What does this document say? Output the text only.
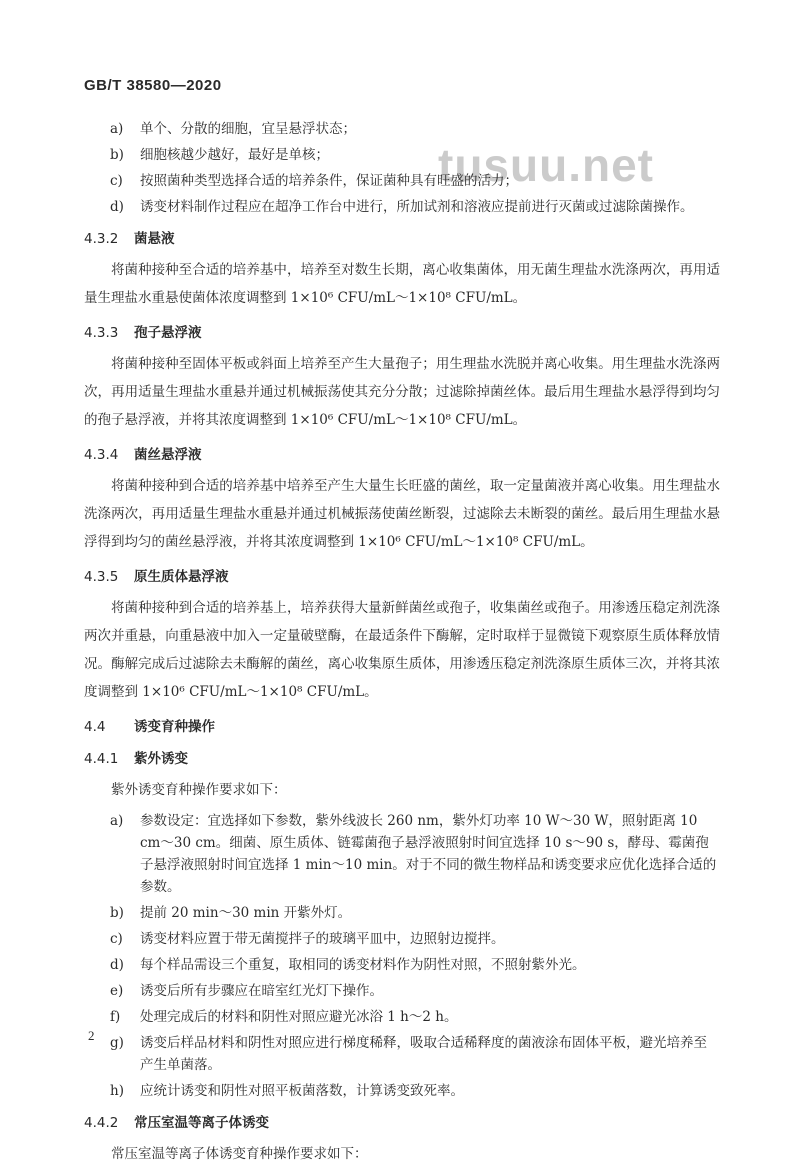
GB/T 38580—2020
tusuu.net
a)	单个、分散的细胞，宜呈悬浮状态；
b)	细胞核越少越好，最好是单核；
c)	按照菌种类型选择合适的培养条件，保证菌种具有旺盛的活力；
d)	诱变材料制作过程应在超净工作台中进行，所加试剂和溶液应提前进行灭菌或过滤除菌操作。
4.3.2 菌悬液
将菌种接种至合适的培养基中，培养至对数生长期，离心收集菌体，用无菌生理盐水洗涤两次，再用适量生理盐水重悬使菌体浓度调整到 1×10⁶ CFU/mL～1×10⁸ CFU/mL。
4.3.3 孢子悬浮液
将菌种接种至固体平板或斜面上培养至产生大量孢子；用生理盐水洗脱并离心收集。用生理盐水洗涤两次，再用适量生理盐水重悬并通过机械振荡使其充分分散；过滤除掉菌丝体。最后用生理盐水悬浮得到均匀的孢子悬浮液，并将其浓度调整到 1×10⁶ CFU/mL～1×10⁸ CFU/mL。
4.3.4 菌丝悬浮液
将菌种接种到合适的培养基中培养至产生大量生长旺盛的菌丝，取一定量菌液并离心收集。用生理盐水洗涤两次，再用适量生理盐水重悬并通过机械振荡使菌丝断裂，过滤除去未断裂的菌丝。最后用生理盐水悬浮得到均匀的菌丝悬浮液，并将其浓度调整到 1×10⁶ CFU/mL～1×10⁸ CFU/mL。
4.3.5 原生质体悬浮液
将菌种接种到合适的培养基上，培养获得大量新鲜菌丝或孢子，收集菌丝或孢子。用渗透压稳定剂洗涤两次并重悬，向重悬液中加入一定量破壁酶，在最适条件下酶解，定时取样于显微镜下观察原生质体释放情况。酶解完成后过滤除去未酶解的菌丝，离心收集原生质体，用渗透压稳定剂洗涤原生质体三次，并将其浓度调整到 1×10⁶ CFU/mL～1×10⁸ CFU/mL。
4.4 诱变育种操作
4.4.1 紫外诱变
紫外诱变育种操作要求如下：
a)	参数设定：宜选择如下参数，紫外线波长 260 nm，紫外灯功率 10 W～30 W，照射距离 10 cm～30 cm。细菌、原生质体、链霉菌孢子悬浮液照射时间宜选择 10 s～90 s，酵母、霉菌孢子悬浮液照射时间宜选择 1 min～10 min。对于不同的微生物样品和诱变要求应优化选择合适的参数。
b)	提前 20 min～30 min 开紫外灯。
c)	诱变材料应置于带无菌搅拌子的玻璃平皿中，边照射边搅拌。
d)	每个样品需设三个重复，取相同的诱变材料作为阴性对照，不照射紫外光。
e)	诱变后所有步骤应在暗室红光灯下操作。
f)	处理完成后的材料和阴性对照应避光冰浴 1 h～2 h。
g)	诱变后样品材料和阴性对照应进行梯度稀释，吸取合适稀释度的菌液涂布固体平板，避光培养至产生单菌落。
h)	应统计诱变和阴性对照平板菌落数，计算诱变致死率。
4.4.2 常压室温等离子体诱变
常压室温等离子体诱变育种操作要求如下：
2
